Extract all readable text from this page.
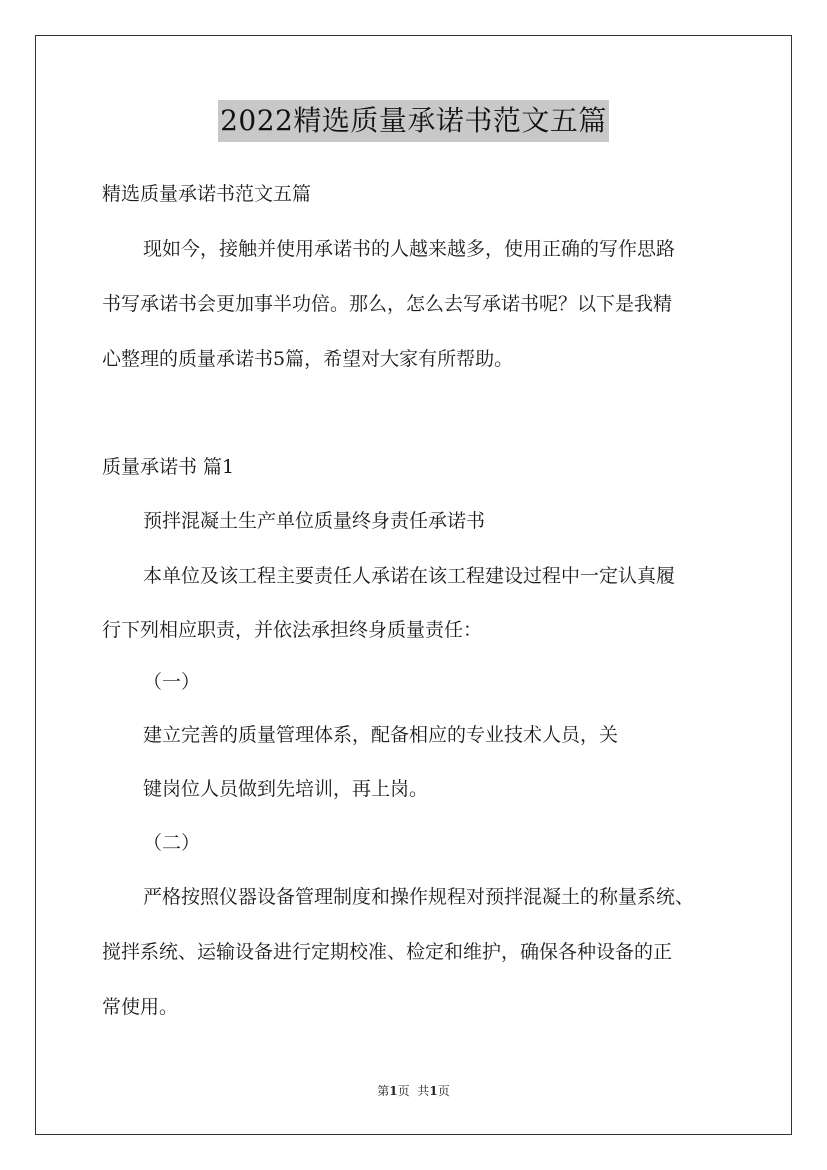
2022精选质量承诺书范文五篇
精选质量承诺书范文五篇
现如今，接触并使用承诺书的人越来越多，使用正确的写作思路
书写承诺书会更加事半功倍。那么，怎么去写承诺书呢？以下是我精
心整理的质量承诺书5篇，希望对大家有所帮助。
质量承诺书 篇1
预拌混凝土生产单位质量终身责任承诺书
本单位及该工程主要责任人承诺在该工程建设过程中一定认真履
行下列相应职责，并依法承担终身质量责任：
（一）
建立完善的质量管理体系，配备相应的专业技术人员，关
键岗位人员做到先培训，再上岗。
（二）
严格按照仪器设备管理制度和操作规程对预拌混凝土的称量系统、
搅拌系统、运输设备进行定期校准、检定和维护，确保各种设备的正
常使用。
第1页 共1页
